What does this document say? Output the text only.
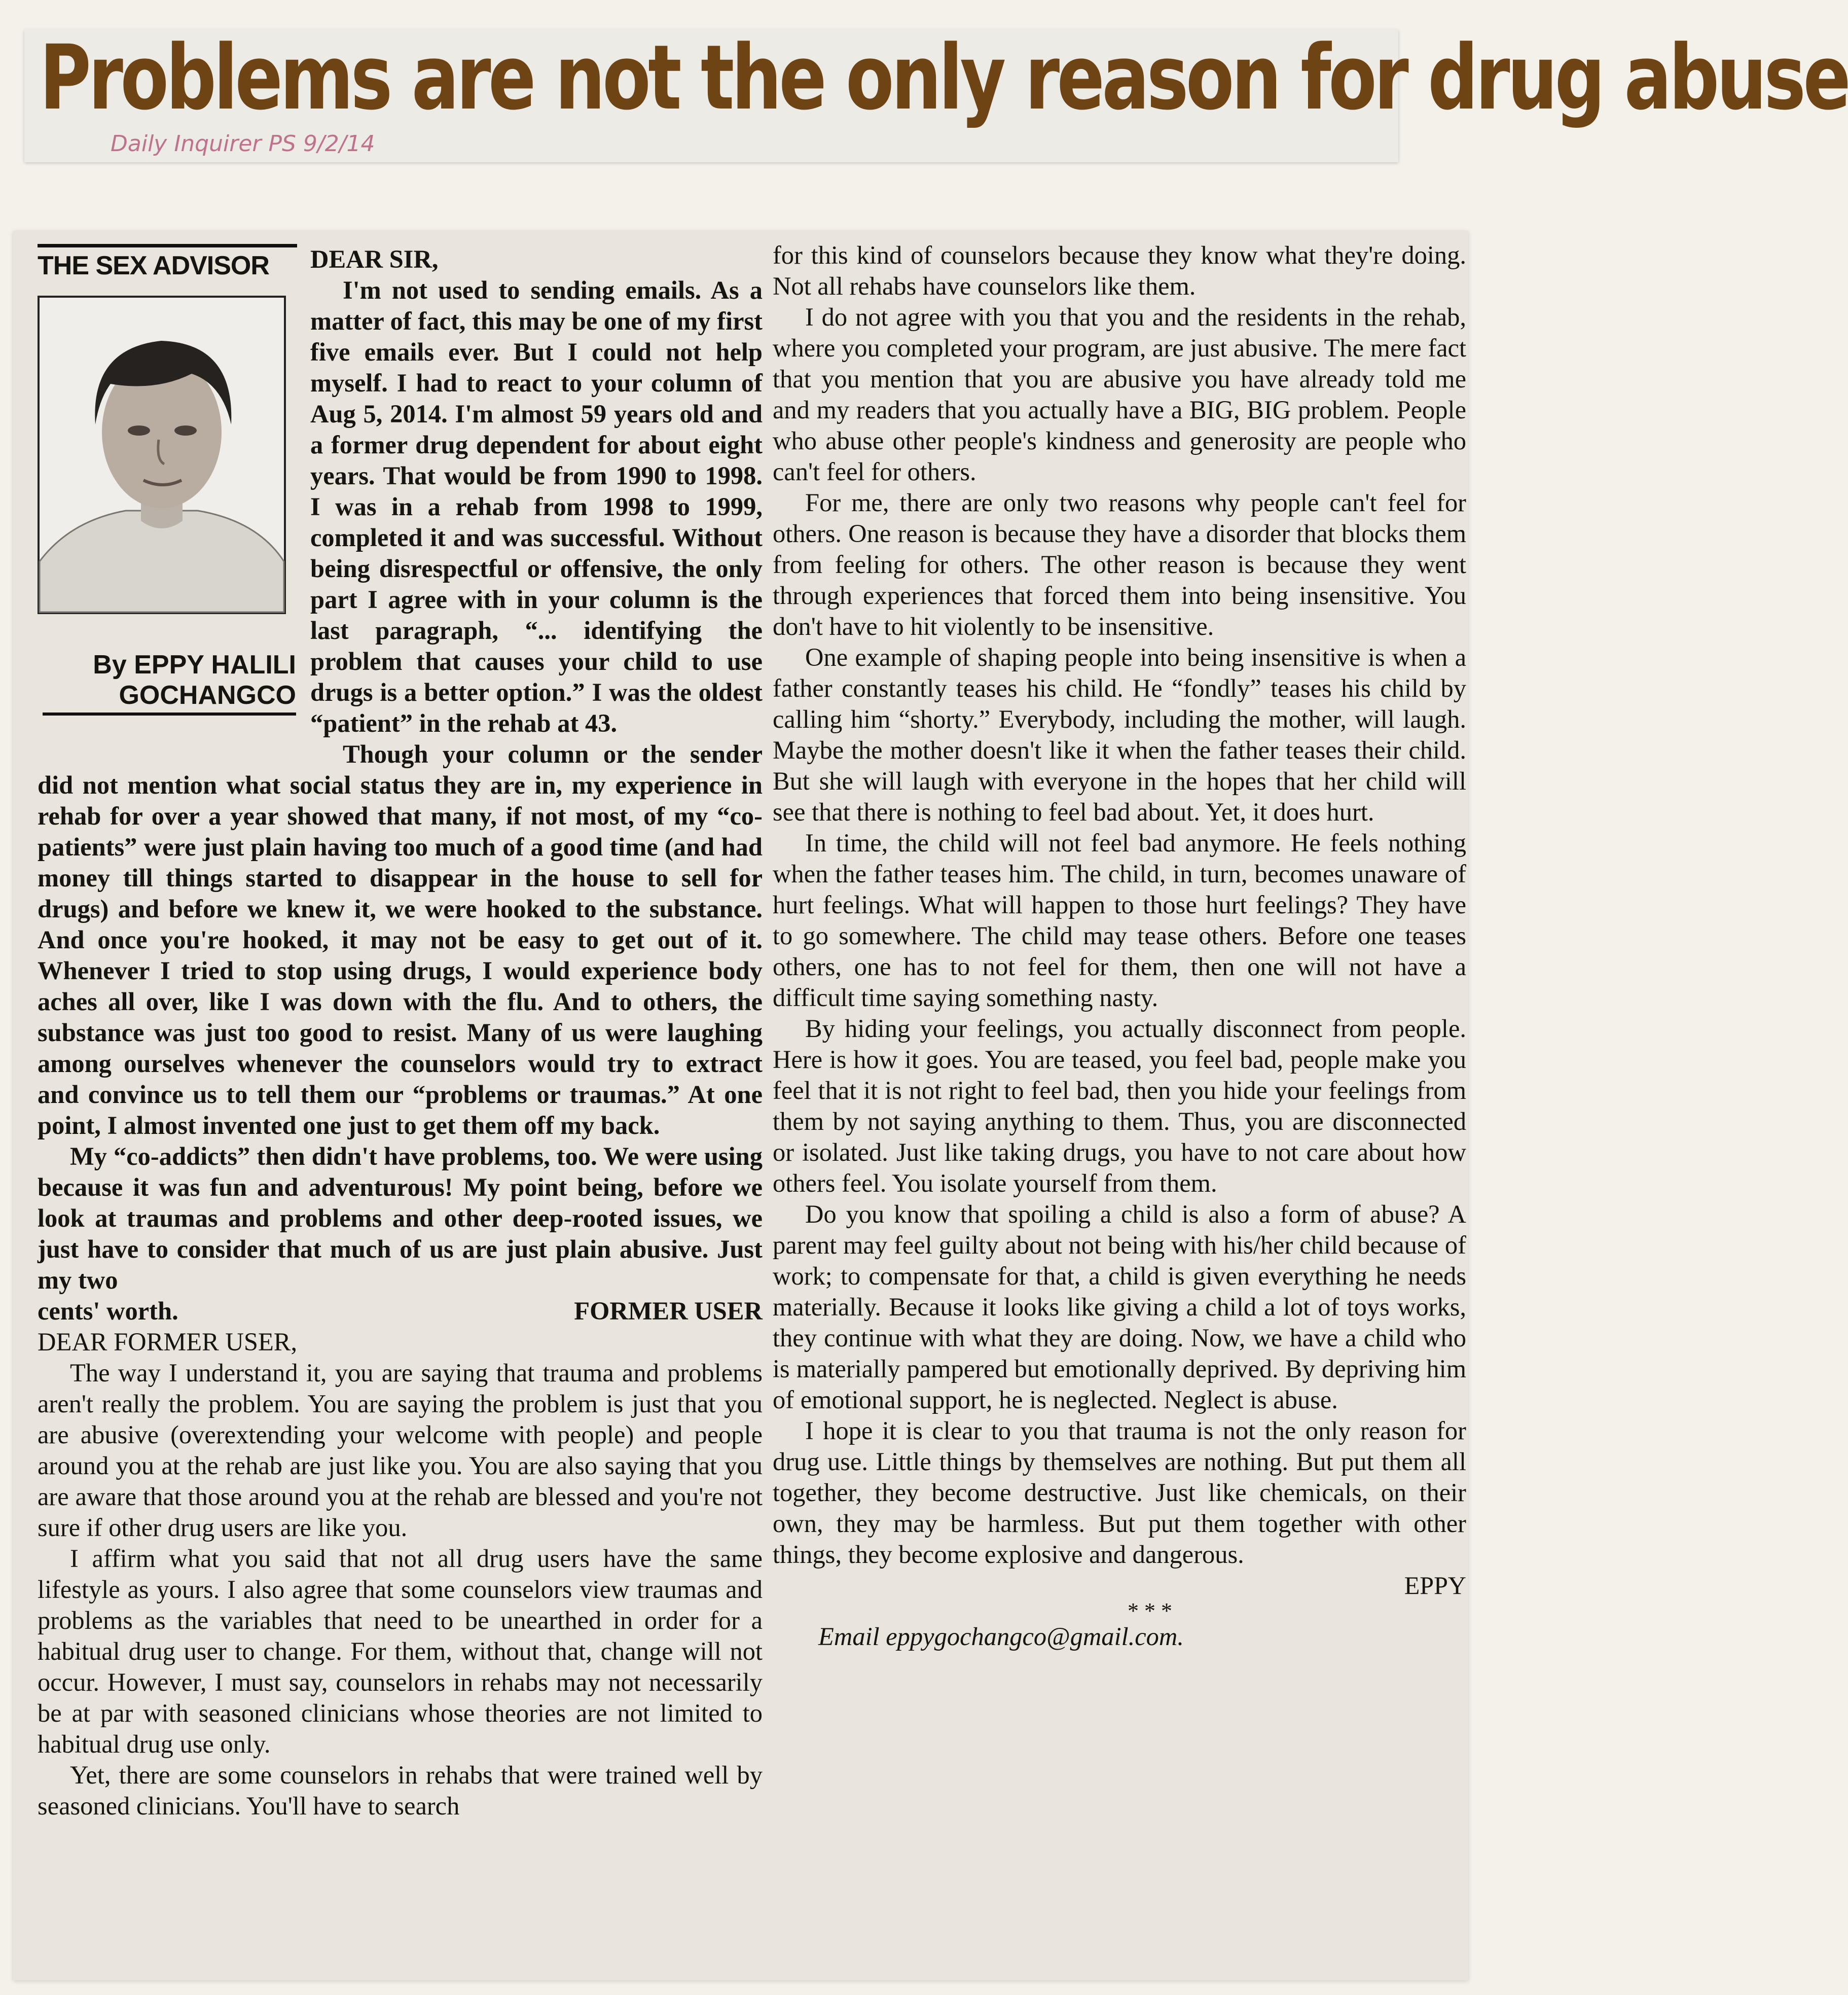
Problems are not the only reason for drug abuse
Daily Inquirer PS 9/2/14
THE SEX ADVISOR
By EPPY HALILI
GOCHANGCO

DEAR SIR,

I'm not used to sending emails. As a matter of fact, this may be one of my first five emails ever. But I could not help myself. I had to react to your column of Aug 5, 2014. I'm almost 59 years old and a former drug dependent for about eight years. That would be from 1990 to 1998. I was in a rehab from 1998 to 1999, completed it and was successful. Without being disrespectful or offensive, the only part I agree with in your column is the last paragraph, “... identifying the problem that causes your child to use drugs is a better option.” I was the oldest “patient” in the rehab at 43.

Though your column or the sender did not mention what social status they are in, my experience in rehab for over a year showed that many, if not most, of my “co-patients” were just plain having too much of a good time (and had money till things started to disappear in the house to sell for drugs) and before we knew it, we were hooked to the substance. And once you're hooked, it may not be easy to get out of it. Whenever I tried to stop using drugs, I would experience body aches all over, like I was down with the flu. And to others, the substance was just too good to resist. Many of us were laughing among ourselves whenever the counselors would try to extract and convince us to tell them our “problems or traumas.” At one point, I almost invented one just to get them off my back.

My “co-addicts” then didn't have problems, too. We were using because it was fun and adventurous! My point being, before we look at traumas and problems and other deep-rooted issues, we just have to consider that much of us are just plain abusive. Just my two

cents' worth.	FORMER USER

DEAR FORMER USER,

The way I understand it, you are saying that trauma and problems aren't really the problem. You are saying the problem is just that you are abusive (overextending your welcome with people) and people around you at the rehab are just like you. You are also saying that you are aware that those around you at the rehab are blessed and you're not sure if other drug users are like you.

I affirm what you said that not all drug users have the same lifestyle as yours. I also agree that some counselors view traumas and problems as the variables that need to be unearthed in order for a habitual drug user to change. For them, without that, change will not occur. However, I must say, counselors in rehabs may not necessarily be at par with seasoned clinicians whose theories are not limited to habitual drug use only.

Yet, there are some counselors in rehabs that were trained well by seasoned clinicians. You'll have to search

for this kind of counselors because they know what they're doing. Not all rehabs have counselors like them.

I do not agree with you that you and the residents in the rehab, where you completed your program, are just abusive. The mere fact that you mention that you are abusive you have already told me and my readers that you actually have a BIG, BIG problem. People who abuse other people's kindness and generosity are people who can't feel for others.

For me, there are only two reasons why people can't feel for others. One reason is because they have a disorder that blocks them from feeling for others. The other reason is because they went through experiences that forced them into being insensitive. You don't have to hit violently to be insensitive.

One example of shaping people into being insensitive is when a father constantly teases his child. He “fondly” teases his child by calling him “shorty.” Everybody, including the mother, will laugh. Maybe the mother doesn't like it when the father teases their child. But she will laugh with everyone in the hopes that her child will see that there is nothing to feel bad about. Yet, it does hurt.

In time, the child will not feel bad anymore. He feels nothing when the father teases him. The child, in turn, becomes unaware of hurt feelings. What will happen to those hurt feelings? They have to go somewhere. The child may tease others. Before one teases others, one has to not feel for them, then one will not have a difficult time saying something nasty.

By hiding your feelings, you actually disconnect from people. Here is how it goes. You are teased, you feel bad, people make you feel that it is not right to feel bad, then you hide your feelings from them by not saying anything to them. Thus, you are disconnected or isolated. Just like taking drugs, you have to not care about how others feel. You isolate yourself from them.

Do you know that spoiling a child is also a form of abuse? A parent may feel guilty about not being with his/her child because of work; to compensate for that, a child is given everything he needs materially. Because it looks like giving a child a lot of toys works, they continue with what they are doing. Now, we have a child who is materially pampered but emotionally deprived. By depriving him of emotional support, he is neglected. Neglect is abuse.

I hope it is clear to you that trauma is not the only reason for drug use. Little things by themselves are nothing. But put them all together, they become destructive. Just like chemicals, on their own, they may be harmless. But put them together with other things, they become explosive and dangerous.

EPPY
* * *
Email eppygochangco@gmail.com.
